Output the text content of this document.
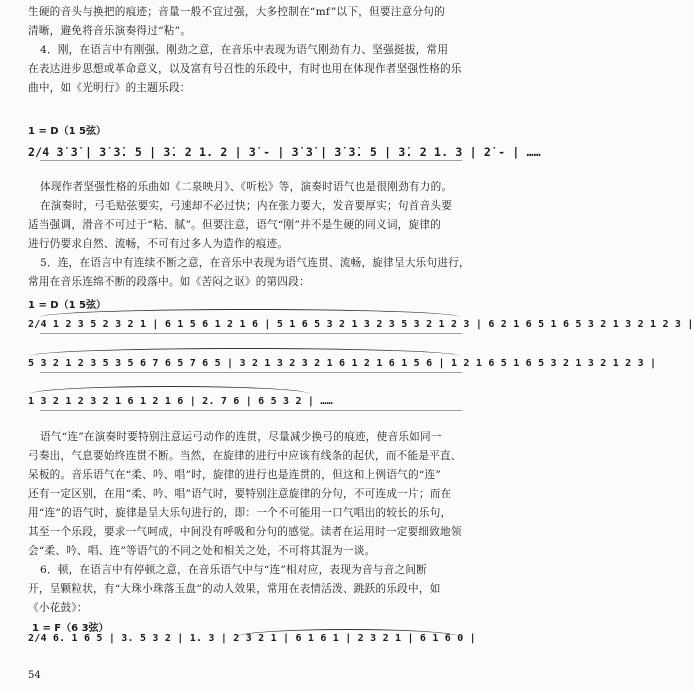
生硬的音头与换把的痕迹；音量一般不宜过强，大多控制在“mf”以下，但要注意分句的
清晰，避免将音乐演奏得过“粘”。
4．刚，在语言中有刚强、刚劲之意，在音乐中表现为语气刚劲有力、坚强挺拔，常用
在表达进步思想或革命意义，以及富有号召性的乐段中，有时也用在体现作者坚强性格的乐
曲中，如《光明行》的主题乐段：
1 = D（1 5弦）
2/4 3̇ 3̇ | 3̇ 3̇. 5 | 3̇. 2 1. 2 | 3̇ - | 3̇ 3̇ | 3̇ 3̇. 5 | 3̇. 2 1. 3 | 2̇ - | ……
体现作者坚强性格的乐曲如《二泉映月》、《听松》等，演奏时语气也是很刚劲有力的。
在演奏时，弓毛贴弦要实，弓速却不必过快；内在张力要大，发音要厚实；句首音头要
适当强调，滑音不可过于“粘、腻”。但要注意，语气“刚”并不是生硬的同义词，旋律的
进行仍要求自然、流畅，不可有过多人为造作的痕迹。
5．连，在语言中有连续不断之意，在音乐中表现为语气连贯、流畅，旋律呈大乐句进行，
常用在音乐连绵不断的段落中。如《苦闷之讴》的第四段：
1 = D（1 5弦）
2/4 1 2 3 5 2 3 2 1 | 6 1 5 6 1 2 1 6 | 5 1 6 5 3 2 1 3 2 3 5 3 2 1 2 3 | 6 2 1 6 5 1 6 5 3 2 1 3 2 1 2 3 |
5 3 2 1 2 3 5 3 5 6 7 6 5 7 6 5 | 3 2 1 3 2 3 2 1 6 1 2 1 6 1 5 6 | 1 2 1 6 5 1 6 5 3 2 1 3 2 1 2 3 |
1 3 2 1 2 3 2 1 6 1 2 1 6 | 2. 7 6 | 6 5 3 2 | ……
语气“连”在演奏时要特别注意运弓动作的连贯，尽量减少换弓的痕迹，使音乐如同一
弓奏出，气息要始终连贯不断。当然，在旋律的进行中应该有线条的起伏，而不能是平直、
呆板的。音乐语气在“柔、吟、唱”时，旋律的进行也是连贯的，但这和上例语气的“连”
还有一定区别，在用“柔、吟、唱”语气时，要特别注意旋律的分句，不可连成一片；而在
用“连”的语气时，旋律是呈大乐句进行的，即：一个不可能用一口气唱出的较长的乐句，
其至一个乐段，要求一气呵成，中间没有呼吸和分句的感觉。读者在运用时一定要细致地领
会“柔、吟、唱、连”等语气的不同之处和相关之处，不可将其混为一谈。
6．顿，在语言中有停顿之意，在音乐语气中与“连”相对应，表现为音与音之间断
开，呈颗粒状，有“大珠小珠落玉盘”的动人效果，常用在表情活泼、跳跃的乐段中，如
《小花鼓》：
1 = F（6 3弦）
2/4 6. 1 6 5 | 3. 5 3 2 | 1. 3 | 2 3 2 1 | 6 1 6 1 | 2 3 2 1 | 6 1 6 0 |
54
